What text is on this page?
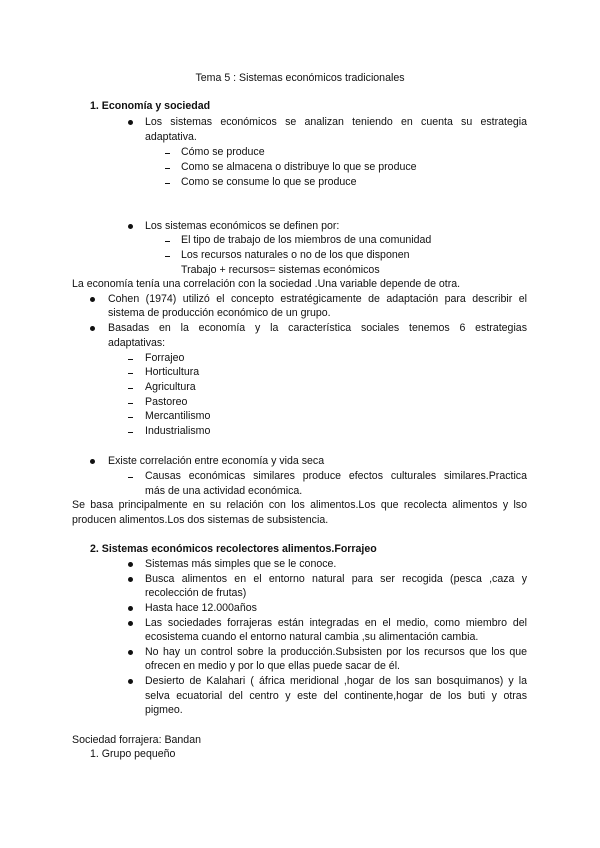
Tema 5 : Sistemas económicos tradicionales
1. Economía y sociedad
Los sistemas económicos se analizan teniendo en cuenta su estrategia
adaptativa.
Cómo se produce
Como se almacena o distribuye lo que se produce
Como se consume lo que se produce
Los sistemas económicos se definen por:
El tipo de trabajo de los miembros de una comunidad
Los recursos naturales o no de los que disponen
Trabajo + recursos= sistemas económicos
La economía tenía una correlación con la sociedad .Una variable depende de otra.
Cohen (1974) utilizó el concepto estratégicamente de adaptación para describir el
sistema de producción económico de un grupo.
Basadas en la economía y la característica sociales tenemos 6 estrategias
adaptativas:
Forrajeo
Horticultura
Agricultura
Pastoreo
Mercantilismo
Industrialismo
Existe correlación entre economía y vida seca
Causas económicas similares produce efectos culturales similares.Practica
más de una actividad económica.
Se basa principalmente en su relación con los alimentos.Los que recolecta alimentos y lso
producen alimentos.Los dos sistemas de subsistencia.
2. Sistemas económicos recolectores alimentos.Forrajeo
Sistemas más simples que se le conoce.
Busca alimentos en el entorno natural para ser recogida (pesca ,caza y
recolección de frutas)
Hasta hace 12.000años
Las sociedades forrajeras están integradas en el medio, como miembro del
ecosistema cuando el entorno natural cambia ,su alimentación cambia.
No hay un control sobre la producción.Subsisten por los recursos que los que
ofrecen en medio y por lo que ellas puede sacar de él.
Desierto de Kalahari ( áfrica meridional ,hogar de los san bosquimanos) y la
selva ecuatorial del centro y este del continente,hogar de los buti y otras
pigmeo.
Sociedad forrajera: Bandan
1. Grupo pequeño
